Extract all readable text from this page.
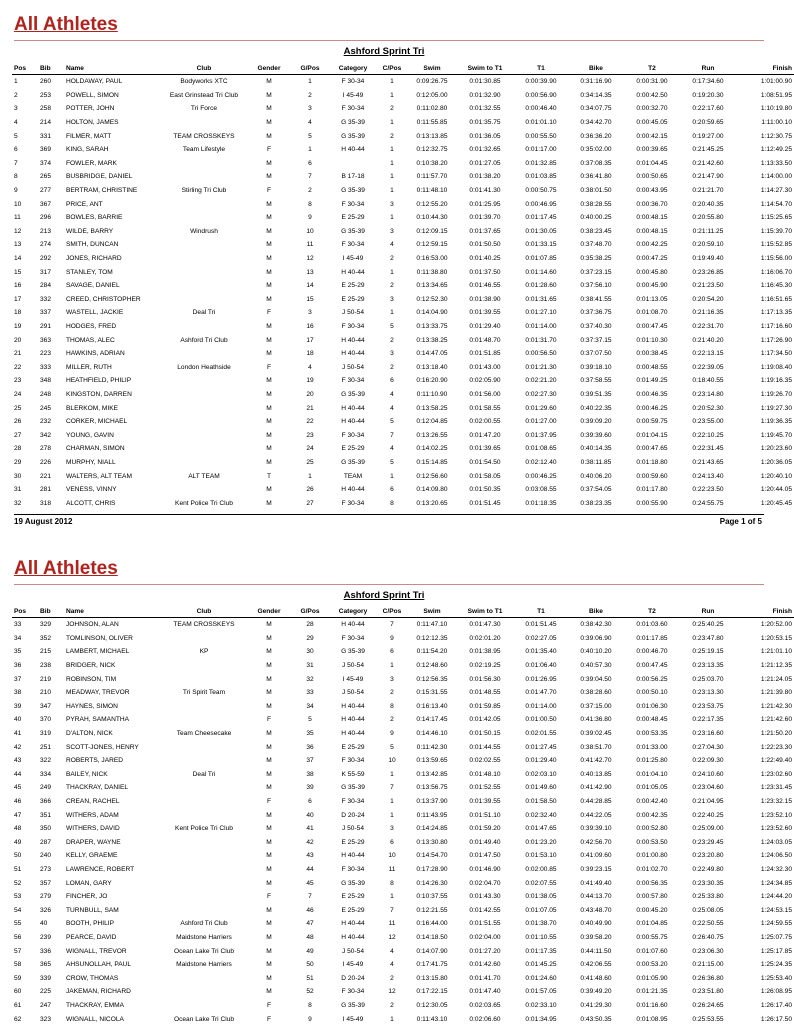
All Athletes
Ashford Sprint Tri
Pos	Bib	Name	Club	Gender	G/Pos	Category	C/Pos	Swim	Swim to T1	T1	Bike	T2	Run	Finish
1	260	HOLDAWAY, PAUL	Bodyworks XTC	M	1	F 30-34	1	0:09:26.75	0:01:30.85	0:00:39.90	0:31:16.90	0:00:31.90	0:17:34.60	1:01:00.90
2	253	POWELL, SIMON	East Grinstead Tri Club	M	2	I 45-49	1	0:12:05.00	0:01:32.90	0:00:56.90	0:34:14.35	0:00:42.50	0:19:20.30	1:08:51.95
3	258	POTTER, JOHN	Tri Force	M	3	F 30-34	2	0:11:02.80	0:01:32.55	0:00:46.40	0:34:07.75	0:00:32.70	0:22:17.60	1:10:19.80
4	214	HOLTON, JAMES		M	4	G 35-39	1	0:11:55.85	0:01:35.75	0:01:01.10	0:34:42.70	0:00:45.05	0:20:59.65	1:11:00.10
5	331	FILMER, MATT	TEAM CROSSKEYS	M	5	G 35-39	2	0:13:13.85	0:01:36.05	0:00:55.50	0:36:36.20	0:00:42.15	0:19:27.00	1:12:30.75
6	369	KING, SARAH	Team Lifestyle	F	1	H 40-44	1	0:12:32.75	0:01:32.65	0:01:17.00	0:35:02.00	0:00:39.65	0:21:45.25	1:12:49.25
7	374	FOWLER, MARK		M	6		1	0:10:38.20	0:01:27.05	0:01:32.85	0:37:08.35	0:01:04.45	0:21:42.60	1:13:33.50
8	265	BUSBRIDGE, DANIEL		M	7	B 17-18	1	0:11:57.70	0:01:38.20	0:01:03.85	0:36:41.80	0:00:50.65	0:21:47.90	1:14:00.00
9	277	BERTRAM, CHRISTINE	Stirling Tri Club	F	2	G 35-39	1	0:11:48.10	0:01:41.30	0:00:50.75	0:38:01.50	0:00:43.95	0:21:21.70	1:14:27.30
10	367	PRICE, ANT		M	8	F 30-34	3	0:12:55.20	0:01:25.95	0:00:46.95	0:38:28.55	0:00:36.70	0:20:40.35	1:14:54.70
11	296	BOWLES, BARRIE		M	9	E 25-29	1	0:10:44.30	0:01:39.70	0:01:17.45	0:40:00.25	0:00:48.15	0:20:55.80	1:15:25.65
12	213	WILDE, BARRY	Windrush	M	10	G 35-39	3	0:12:09.15	0:01:37.65	0:01:30.05	0:38:23.45	0:00:48.15	0:21:11.25	1:15:39.70
13	274	SMITH, DUNCAN		M	11	F 30-34	4	0:12:59.15	0:01:50.50	0:01:33.15	0:37:48.70	0:00:42.25	0:20:59.10	1:15:52.85
14	292	JONES, RICHARD		M	12	I 45-49	2	0:16:53.00	0:01:40.25	0:01:07.85	0:35:38.25	0:00:47.25	0:19:49.40	1:15:56.00
15	317	STANLEY, TOM		M	13	H 40-44	1	0:11:38.80	0:01:37.50	0:01:14.60	0:37:23.15	0:00:45.80	0:23:26.85	1:16:06.70
16	284	SAVAGE, DANIEL		M	14	E 25-29	2	0:13:34.65	0:01:46.55	0:01:28.60	0:37:56.10	0:00:45.90	0:21:23.50	1:16:45.30
17	332	CREED, CHRISTOPHER		M	15	E 25-29	3	0:12:52.30	0:01:38.90	0:01:31.65	0:38:41.55	0:01:13.05	0:20:54.20	1:16:51.65
18	337	WASTELL, JACKIE	Deal Tri	F	3	J 50-54	1	0:14:04.90	0:01:39.55	0:01:27.10	0:37:36.75	0:01:08.70	0:21:16.35	1:17:13.35
19	291	HODGES, FRED		M	16	F 30-34	5	0:13:33.75	0:01:29.40	0:01:14.00	0:37:40.30	0:00:47.45	0:22:31.70	1:17:16.60
20	363	THOMAS, ALEC	Ashford Tri Club	M	17	H 40-44	2	0:13:38.25	0:01:48.70	0:01:31.70	0:37:37.15	0:01:10.30	0:21:40.20	1:17:26.90
21	223	HAWKINS, ADRIAN		M	18	H 40-44	3	0:14:47.05	0:01:51.85	0:00:56.50	0:37:07.50	0:00:38.45	0:22:13.15	1:17:34.50
22	333	MILLER, RUTH	London Heathside	F	4	J 50-54	2	0:13:18.40	0:01:43.00	0:01:21.30	0:39:18.10	0:00:48.55	0:22:39.05	1:19:08.40
23	348	HEATHFIELD, PHILIP		M	19	F 30-34	6	0:16:20.90	0:02:05.90	0:02:21.20	0:37:58.55	0:01:49.25	0:18:40.55	1:19:16.35
24	248	KINGSTON, DARREN		M	20	G 35-39	4	0:11:10.90	0:01:56.00	0:02:27.30	0:39:51.35	0:00:46.35	0:23:14.80	1:19:26.70
25	245	BLERKOM, MIKE		M	21	H 40-44	4	0:13:58.25	0:01:58.55	0:01:29.60	0:40:22.35	0:00:46.25	0:20:52.30	1:19:27.30
26	232	CORKER, MICHAEL		M	22	H 40-44	5	0:12:04.85	0:02:00.55	0:01:27.00	0:39:09.20	0:00:59.75	0:23:55.00	1:19:36.35
27	342	YOUNG, GAVIN		M	23	F 30-34	7	0:13:26.55	0:01:47.20	0:01:37.95	0:39:39.60	0:01:04.15	0:22:10.25	1:19:45.70
28	278	CHARMAN, SIMON		M	24	E 25-29	4	0:14:02.25	0:01:39.65	0:01:08.65	0:40:14.35	0:00:47.65	0:22:31.45	1:20:23.60
29	226	MURPHY, NIALL		M	25	G 35-39	5	0:15:14.85	0:01:54.50	0:02:12.40	0:38:11.85	0:01:18.80	0:21:43.65	1:20:36.05
30	221	WALTERS, ALT TEAM	ALT TEAM	T	1	TEAM	1	0:12:56.60	0:01:58.05	0:00:46.25	0:40:06.20	0:00:59.60	0:24:13.40	1:20:40.10
31	281	VENESS, VINNY		M	26	H 40-44	6	0:14:09.80	0:01:50.35	0:03:08.55	0:37:54.05	0:01:17.80	0:22:23.50	1:20:44.05
32	318	ALCOTT, CHRIS	Kent Police Tri Club	M	27	F 30-34	8	0:13:20.65	0:01:51.45	0:01:18.35	0:38:23.35	0:00:55.90	0:24:55.75	1:20:45.45
19 August 2012	Page 1 of 5
All Athletes
Ashford Sprint Tri
Pos	Bib	Name	Club	Gender	G/Pos	Category	C/Pos	Swim	Swim to T1	T1	Bike	T2	Run	Finish
33	329	JOHNSON, ALAN	TEAM CROSSKEYS	M	28	H 40-44	7	0:11:47.10	0:01:47.30	0:01:51.45	0:38:42.30	0:01:03.60	0:25:40.25	1:20:52.00
34	352	TOMLINSON, OLIVER		M	29	F 30-34	9	0:12:12.35	0:02:01.20	0:02:27.05	0:39:06.90	0:01:17.85	0:23:47.80	1:20:53.15
35	215	LAMBERT, MICHAEL	KP	M	30	G 35-39	6	0:11:54.20	0:01:38.95	0:01:35.40	0:40:10.20	0:00:46.70	0:25:19.15	1:21:01.10
36	238	BRIDGER, NICK		M	31	J 50-54	1	0:12:48.60	0:02:19.25	0:01:06.40	0:40:57.30	0:00:47.45	0:23:13.35	1:21:12.35
37	219	ROBINSON, TIM		M	32	I 45-49	3	0:12:56.35	0:01:56.30	0:01:26.95	0:39:04.50	0:00:56.25	0:25:03.70	1:21:24.05
38	210	MEADWAY, TREVOR	Tri Spirit Team	M	33	J 50-54	2	0:15:31.55	0:01:48.55	0:01:47.70	0:38:28.60	0:00:50.10	0:23:13.30	1:21:39.80
39	347	HAYNES, SIMON		M	34	H 40-44	8	0:16:13.40	0:01:59.85	0:01:14.00	0:37:15.00	0:01:06.30	0:23:53.75	1:21:42.30
40	370	PYRAH, SAMANTHA		F	5	H 40-44	2	0:14:17.45	0:01:42.05	0:01:00.50	0:41:36.80	0:00:48.45	0:22:17.35	1:21:42.60
41	319	D'ALTON, NICK	Team Cheesecake	M	35	H 40-44	9	0:14:46.10	0:01:50.15	0:02:01.55	0:39:02.45	0:00:53.35	0:23:16.60	1:21:50.20
42	251	SCOTT-JONES, HENRY		M	36	E 25-29	5	0:11:42.30	0:01:44.55	0:01:27.45	0:38:51.70	0:01:33.00	0:27:04.30	1:22:23.30
43	322	ROBERTS, JARED		M	37	F 30-34	10	0:13:59.65	0:02:02.55	0:01:29.40	0:41:42.70	0:01:25.80	0:22:09.30	1:22:49.40
44	334	BAILEY, NICK	Deal Tri	M	38	K 55-59	1	0:13:42.85	0:01:48.10	0:02:03.10	0:40:13.85	0:01:04.10	0:24:10.60	1:23:02.60
45	249	THACKRAY, DANIEL		M	39	G 35-39	7	0:13:56.75	0:01:52.55	0:01:49.60	0:41:42.90	0:01:05.05	0:23:04.60	1:23:31.45
46	366	CREAN, RACHEL		F	6	F 30-34	1	0:13:37.90	0:01:39.55	0:01:58.50	0:44:28.85	0:00:42.40	0:21:04.95	1:23:32.15
47	351	WITHERS, ADAM		M	40	D 20-24	1	0:11:43.95	0:01:51.10	0:02:32.40	0:44:22.05	0:00:42.35	0:22:40.25	1:23:52.10
48	350	WITHERS, DAVID	Kent Police Tri Club	M	41	J 50-54	3	0:14:24.85	0:01:59.20	0:01:47.65	0:39:39.10	0:00:52.80	0:25:09.00	1:23:52.60
49	287	DRAPER, WAYNE		M	42	E 25-29	6	0:13:30.80	0:01:49.40	0:01:23.20	0:42:56.70	0:00:53.50	0:23:29.45	1:24:03.05
50	240	KELLY, GRAEME		M	43	H 40-44	10	0:14:54.70	0:01:47.50	0:01:53.10	0:41:09.60	0:01:00.80	0:23:20.80	1:24:06.50
51	273	LAWRENCE, ROBERT		M	44	F 30-34	11	0:17:28.90	0:01:46.90	0:02:00.85	0:39:23.15	0:01:02.70	0:22:49.80	1:24:32.30
52	357	LOMAN, GARY		M	45	G 35-39	8	0:14:26.30	0:02:04.70	0:02:07.55	0:41:49.40	0:00:56.35	0:23:30.35	1:24:34.85
53	279	FINCHER, JO		F	7	E 25-29	1	0:10:37.55	0:01:43.30	0:01:38.05	0:44:13.70	0:00:57.80	0:25:33.80	1:24:44.20
54	326	TURNBULL, SAM		M	46	E 25-29	7	0:12:21.55	0:01:42.55	0:01:07.05	0:43:48.70	0:00:45.20	0:25:08.05	1:24:53.15
55	40	BOOTH, PHILIP	Ashford Tri Club	M	47	H 40-44	11	0:16:44.00	0:01:51.55	0:01:38.70	0:40:49.90	0:01:04.85	0:22:50.55	1:24:59.55
56	239	PEARCE, DAVID	Maidstone Harriers	M	48	H 40-44	12	0:14:18.50	0:02:04.00	0:01:10.55	0:39:58.20	0:00:55.75	0:26:40.75	1:25:07.75
57	336	WIGNALL, TREVOR	Ocean Lake Tri Club	M	49	J 50-54	4	0:14:07.90	0:01:27.20	0:01:17.35	0:44:11.50	0:01:07.60	0:23:06.30	1:25:17.85
58	365	AHSUNOLLAH, PAUL	Maidstone Harriers	M	50	I 45-49	4	0:17:41.75	0:01:42.60	0:01:45.25	0:42:06.55	0:00:53.20	0:21:15.00	1:25:24.35
59	339	CROW, THOMAS		M	51	D 20-24	2	0:13:15.80	0:01:41.70	0:01:24.60	0:41:48.60	0:01:05.90	0:26:36.80	1:25:53.40
60	225	JAKEMAN, RICHARD		M	52	F 30-34	12	0:17:22.15	0:01:47.40	0:01:57.05	0:39:49.20	0:01:21.35	0:23:51.80	1:26:08.95
61	247	THACKRAY, EMMA		F	8	G 35-39	2	0:12:30.05	0:02:03.65	0:02:33.10	0:41:29.30	0:01:16.60	0:26:24.65	1:26:17.40
62	323	WIGNALL, NICOLA	Ocean Lake Tri Club	F	9	I 45-49	1	0:11:43.10	0:02:06.60	0:01:34.95	0:43:50.35	0:01:08.95	0:25:53.55	1:26:17.50
